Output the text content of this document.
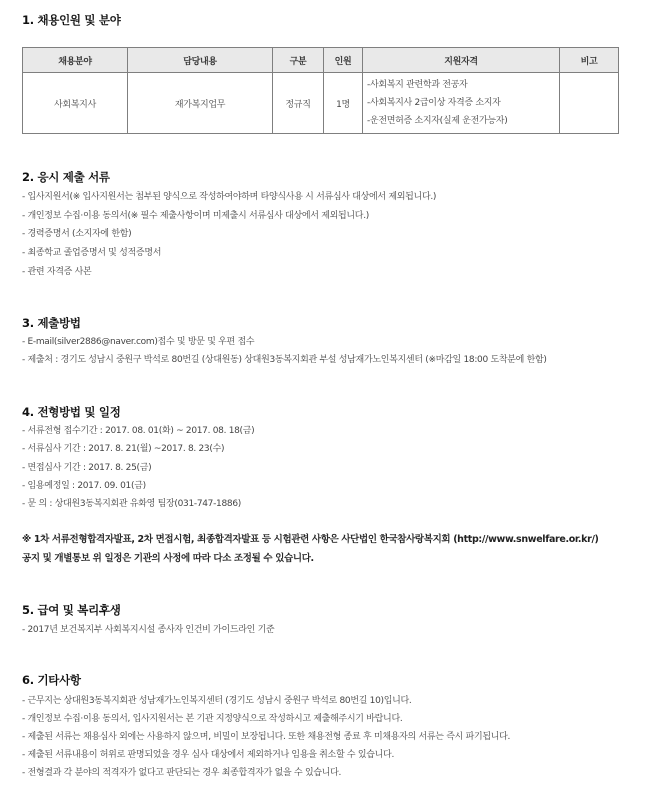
1. 채용인원 및 분야
채용분야	담당내용	구분	인원	지원자격	비고
사회복지사	재가복지업무	정규직	1명	-사회복지 관련학과 전공자
-사회복지사 2급이상 자격증 소지자
-운전면허증 소지자(실제 운전가능자)	

2. 응시 제출 서류
- 입사지원서(※ 입사지원서는 첨부된 양식으로 작성하여야하며 타양식사용 시 서류심사 대상에서 제외됩니다.)
- 개인정보 수집·이용 동의서(※ 필수 제출사항이며 미제출시 서류심사 대상에서 제외됩니다.)
- 경력증명서 (소지자에 한함)
- 최종학교 졸업증명서 및 성적증명서
- 관련 자격증 사본
3. 제출방법
- E-mail(silver2886@naver.com)접수 및 방문 및 우편 접수
- 제출처 : 경기도 성남시 중원구 박석로 80번길 (상대원동) 상대원3동복지회관 부설 성남재가노인복지센터 (※마감일 18:00 도착분에 한함)
4. 전형방법 및 일정
- 서류전형 접수기간 : 2017. 08. 01(화) ~ 2017. 08. 18(금)
- 서류심사 기간 : 2017. 8. 21(월) ~2017. 8. 23(수)
- 면접심사 기간 : 2017. 8. 25(금)
- 임용예정일 : 2017. 09. 01(금)
- 문 의 : 상대원3동복지회관 유화영 팀장(031-747-1886)
※ 1차 서류전형합격자발표, 2차 면접시험, 최종합격자발표 등 시험관련 사항은 사단법인 한국참사랑복지회 (http://www.snwelfare.or.kr/)
공지 및 개별통보 위 일정은 기관의 사정에 따라 다소 조정될 수 있습니다.
5. 급여 및 복리후생
- 2017년 보건복지부 사회복지시설 종사자 인건비 가이드라인 기준
6. 기타사항
- 근무지는 상대원3동복지회관 성남재가노인복지센터 (경기도 성남시 중원구 박석로 80번길 10)입니다.
- 개인정보 수집·이용 동의서, 입사지원서는 본 기관 지정양식으로 작성하시고 제출해주시기 바랍니다.
- 제출된 서류는 채용심사 외에는 사용하지 않으며, 비밀이 보장됩니다. 또한 채용전형 종료 후 미채용자의 서류는 즉시 파기됩니다.
- 제출된 서류내용이 허위로 판명되었을 경우 심사 대상에서 제외하거나 임용을 취소할 수 있습니다.
- 전형결과 각 분야의 적격자가 없다고 판단되는 경우 최종합격자가 없을 수 있습니다.
